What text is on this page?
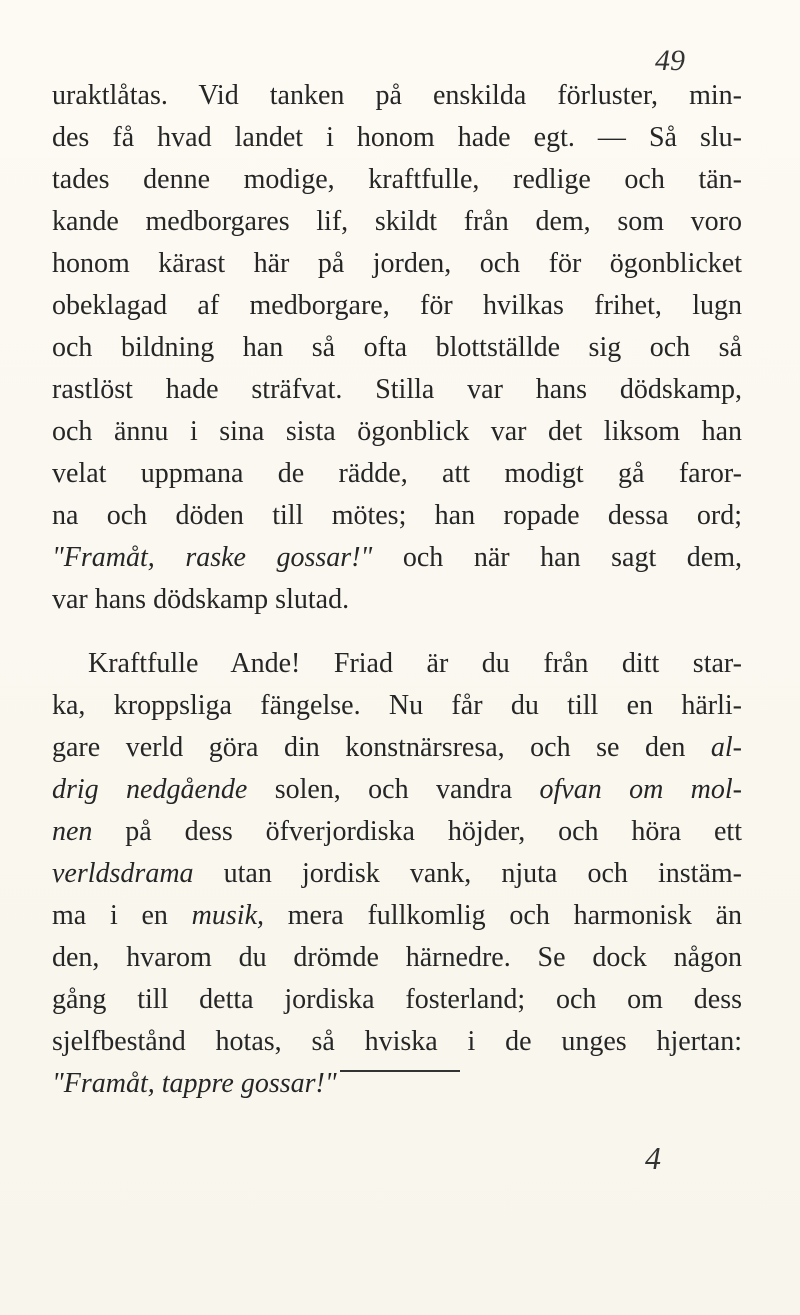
49
uraktlåtas. Vid tanken på enskilda förluster, min-
des få hvad landet i honom hade egt. — Så slu-
tades denne modige, kraftfulle, redlige och tän-
kande medborgares lif, skildt från dem, som voro
honom kärast här på jorden, och för ögonblicket
obeklagad af medborgare, för hvilkas frihet, lugn
och bildning han så ofta blottställde sig och så
rastlöst hade sträfvat. Stilla var hans dödskamp,
och ännu i sina sista ögonblick var det liksom han
velat uppmana de rädde, att modigt gå faror-
na och döden till mötes; han ropade dessa ord;
"Framåt, raske gossar!" och när han sagt dem,
var hans dödskamp slutad.
Kraftfulle Ande! Friad är du från ditt star-
ka, kroppsliga fängelse. Nu får du till en härli-
gare verld göra din konstnärsresa, och se den al-
drig nedgående solen, och vandra ofvan om mol-
nen på dess öfverjordiska höjder, och höra ett
verldsdrama utan jordisk vank, njuta och instäm-
ma i en musik, mera fullkomlig och harmonisk än
den, hvarom du drömde härnedre. Se dock någon
gång till detta jordiska fosterland; och om dess
sjelfbestånd hotas, så hviska i de unges hjertan:
"Framåt, tappre gossar!"
4
